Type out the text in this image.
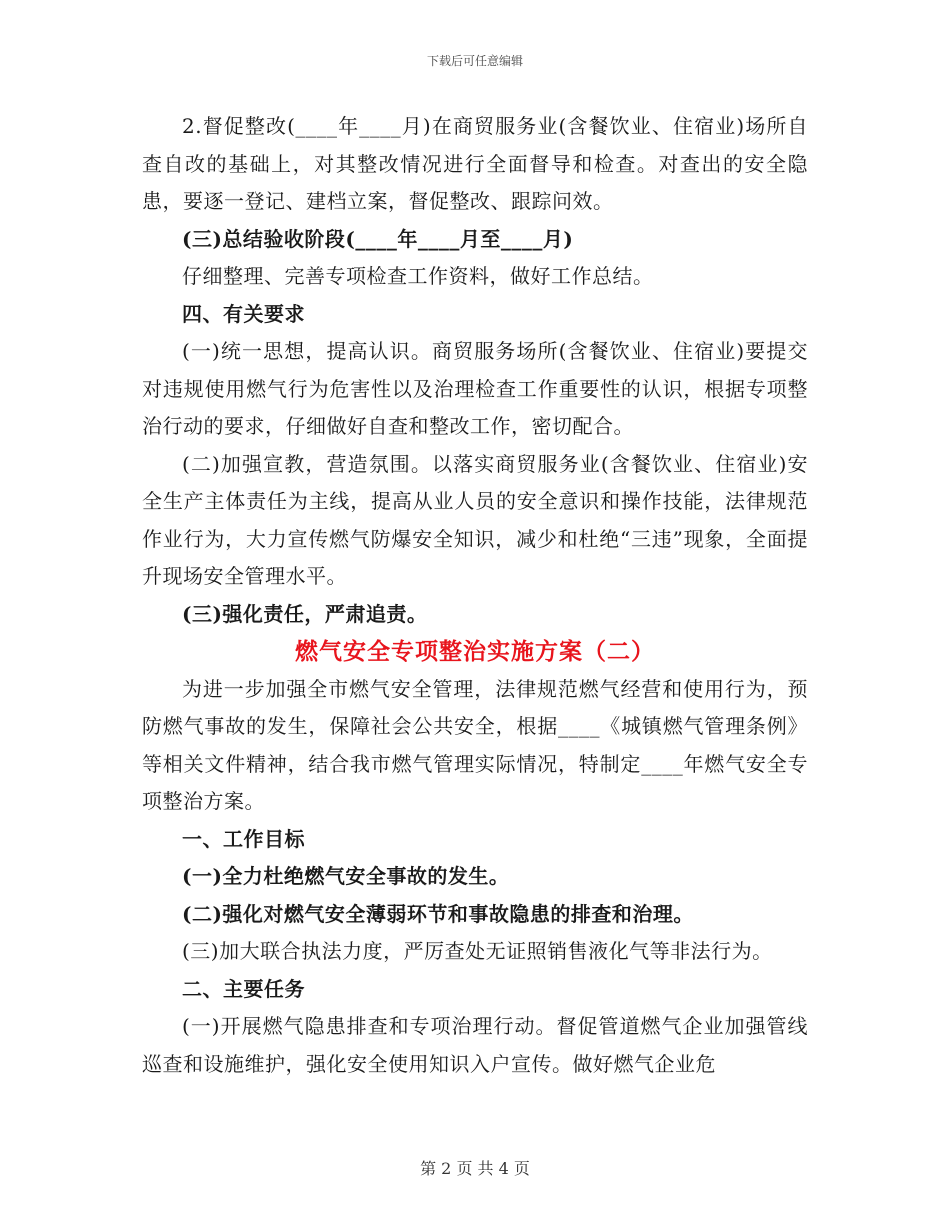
下载后可任意编辑

2.督促整改(____年____月)在商贸服务业(含餐饮业、住宿业)场所自查自改的基础上，对其整改情况进行全面督导和检查。对查出的安全隐患，要逐一登记、建档立案，督促整改、跟踪问效。

(三)总结验收阶段(____年____月至____月)

仔细整理、完善专项检查工作资料，做好工作总结。

四、有关要求

(一)统一思想，提高认识。商贸服务场所(含餐饮业、住宿业)要提交对违规使用燃气行为危害性以及治理检查工作重要性的认识，根据专项整治行动的要求，仔细做好自查和整改工作，密切配合。

(二)加强宣教，营造氛围。以落实商贸服务业(含餐饮业、住宿业)安全生产主体责任为主线，提高从业人员的安全意识和操作技能，法律规范作业行为，大力宣传燃气防爆安全知识，减少和杜绝“三违”现象，全面提升现场安全管理水平。

(三)强化责任，严肃追责。

燃气安全专项整治实施方案（二）

为进一步加强全市燃气安全管理，法律规范燃气经营和使用行为，预防燃气事故的发生，保障社会公共安全，根据____《城镇燃气管理条例》等相关文件精神，结合我市燃气管理实际情况，特制定____年燃气安全专项整治方案。

一、工作目标

(一)全力杜绝燃气安全事故的发生。

(二)强化对燃气安全薄弱环节和事故隐患的排查和治理。

(三)加大联合执法力度，严厉查处无证照销售液化气等非法行为。

二、主要任务

(一)开展燃气隐患排查和专项治理行动。督促管道燃气企业加强管线巡查和设施维护，强化安全使用知识入户宣传。做好燃气企业危

第 2 页 共 4 页
